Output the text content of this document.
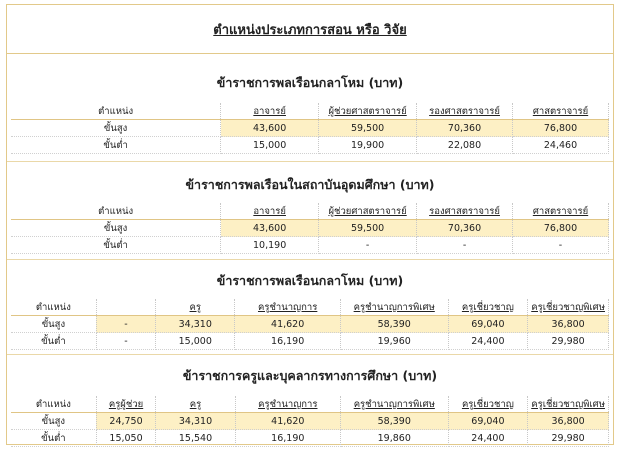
ตำแหน่งประเภทการสอน หรือ วิจัย
ข้าราชการพลเรือนกลาโหม (บาท)
ตำแหน่ง	อาจารย์	ผู้ช่วยศาสตราจารย์	รองศาสตราจารย์	ศาสตราจารย์
ขั้นสูง	43,600	59,500	70,360	76,800
ขั้นต่ำ	15,000	19,900	22,080	24,460
ข้าราชการพลเรือนในสถาบันอุดมศึกษา (บาท)
ตำแหน่ง	อาจารย์	ผู้ช่วยศาสตราจารย์	รองศาสตราจารย์	ศาสตราจารย์
ขั้นสูง	43,600	59,500	70,360	76,800
ขั้นต่ำ	10,190	-	-	-
ข้าราชการพลเรือนกลาโหม (บาท)
ตำแหน่ง		ครู	ครูชำนาญการ	ครูชำนาญการพิเศษ	ครูเชี่ยวชาญ	ครูเชี่ยวชาญพิเศษ
ขั้นสูง	-	34,310	41,620	58,390	69,040	36,800
ขั้นต่ำ	-	15,000	16,190	19,960	24,400	29,980
ข้าราชการครูและบุคลากรทางการศึกษา (บาท)
ตำแหน่ง	ครูผู้ช่วย	ครู	ครูชำนาญการ	ครูชำนาญการพิเศษ	ครูเชี่ยวชาญ	ครูเชี่ยวชาญพิเศษ
ขั้นสูง	24,750	34,310	41,620	58,390	69,040	36,800
ขั้นต่ำ	15,050	15,540	16,190	19,860	24,400	29,980
